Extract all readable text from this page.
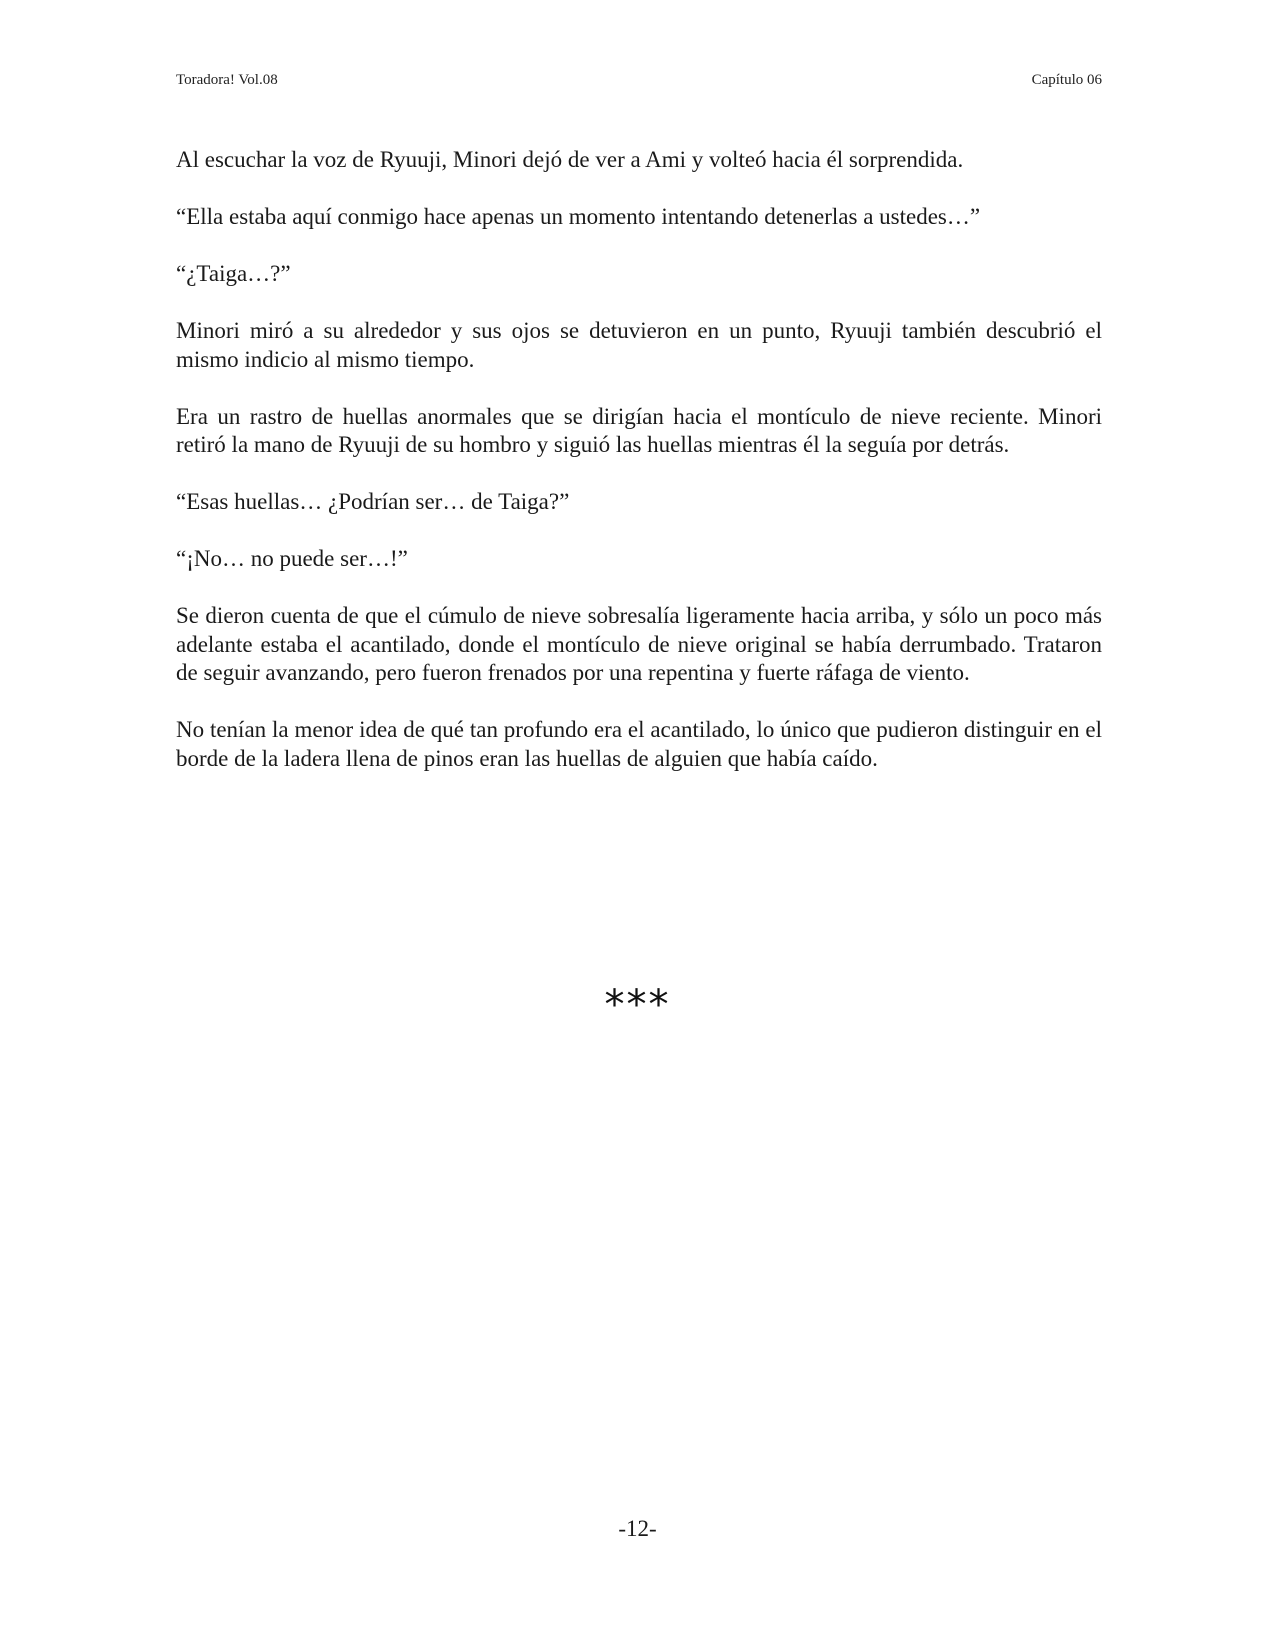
Toradora! Vol.08	Capítulo 06

Al escuchar la voz de Ryuuji, Minori dejó de ver a Ami y volteó hacia él sorprendida.

“Ella estaba aquí conmigo hace apenas un momento intentando detenerlas a ustedes…”

“¿Taiga…?”

Minori miró a su alrededor y sus ojos se detuvieron en un punto, Ryuuji también descubrió el mismo indicio al mismo tiempo.

Era un rastro de huellas anormales que se dirigían hacia el montículo de nieve reciente. Minori retiró la mano de Ryuuji de su hombro y siguió las huellas mientras él la seguía por detrás.

“Esas huellas… ¿Podrían ser… de Taiga?”

“¡No… no puede ser…!”

Se dieron cuenta de que el cúmulo de nieve sobresalía ligeramente hacia arriba, y sólo un poco más adelante estaba el acantilado, donde el montículo de nieve original se había derrumbado. Trataron de seguir avanzando, pero fueron frenados por una repentina y fuerte ráfaga de viento.

No tenían la menor idea de qué tan profundo era el acantilado, lo único que pudieron distinguir en el borde de la ladera llena de pinos eran las huellas de alguien que había caído.

***
-12-
